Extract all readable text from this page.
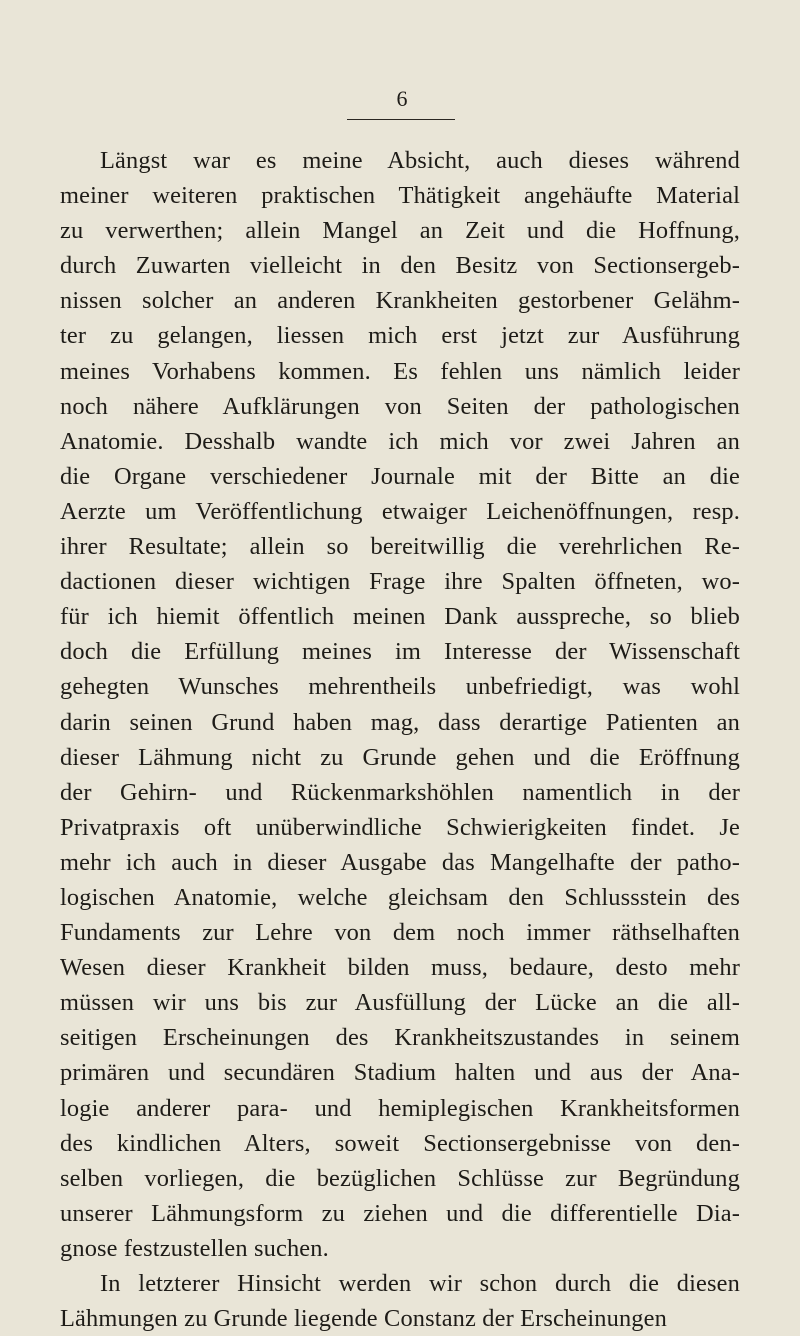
6
Längst war es meine Absicht, auch dieses während
meiner weiteren praktischen Thätigkeit angehäufte Material
zu verwerthen; allein Mangel an Zeit und die Hoffnung,
durch Zuwarten vielleicht in den Besitz von Sectionsergeb-
nissen solcher an anderen Krankheiten gestorbener Gelähm-
ter zu gelangen, liessen mich erst jetzt zur Ausführung
meines Vorhabens kommen. Es fehlen uns nämlich leider
noch nähere Aufklärungen von Seiten der pathologischen
Anatomie. Desshalb wandte ich mich vor zwei Jahren an
die Organe verschiedener Journale mit der Bitte an die
Aerzte um Veröffentlichung etwaiger Leichenöffnungen, resp.
ihrer Resultate; allein so bereitwillig die verehrlichen Re-
dactionen dieser wichtigen Frage ihre Spalten öffneten, wo-
für ich hiemit öffentlich meinen Dank ausspreche, so blieb
doch die Erfüllung meines im Interesse der Wissenschaft
gehegten Wunsches mehrentheils unbefriedigt, was wohl
darin seinen Grund haben mag, dass derartige Patienten an
dieser Lähmung nicht zu Grunde gehen und die Eröffnung
der Gehirn- und Rückenmarkshöhlen namentlich in der
Privatpraxis oft unüberwindliche Schwierigkeiten findet. Je
mehr ich auch in dieser Ausgabe das Mangelhafte der patho-
logischen Anatomie, welche gleichsam den Schlussstein des
Fundaments zur Lehre von dem noch immer räthselhaften
Wesen dieser Krankheit bilden muss, bedaure, desto mehr
müssen wir uns bis zur Ausfüllung der Lücke an die all-
seitigen Erscheinungen des Krankheitszustandes in seinem
primären und secundären Stadium halten und aus der Ana-
logie anderer para- und hemiplegischen Krankheitsformen
des kindlichen Alters, soweit Sectionsergebnisse von den-
selben vorliegen, die bezüglichen Schlüsse zur Begründung
unserer Lähmungsform zu ziehen und die differentielle Dia-
gnose festzustellen suchen.
In letzterer Hinsicht werden wir schon durch die diesen
Lähmungen zu Grunde liegende Constanz der Erscheinungen
